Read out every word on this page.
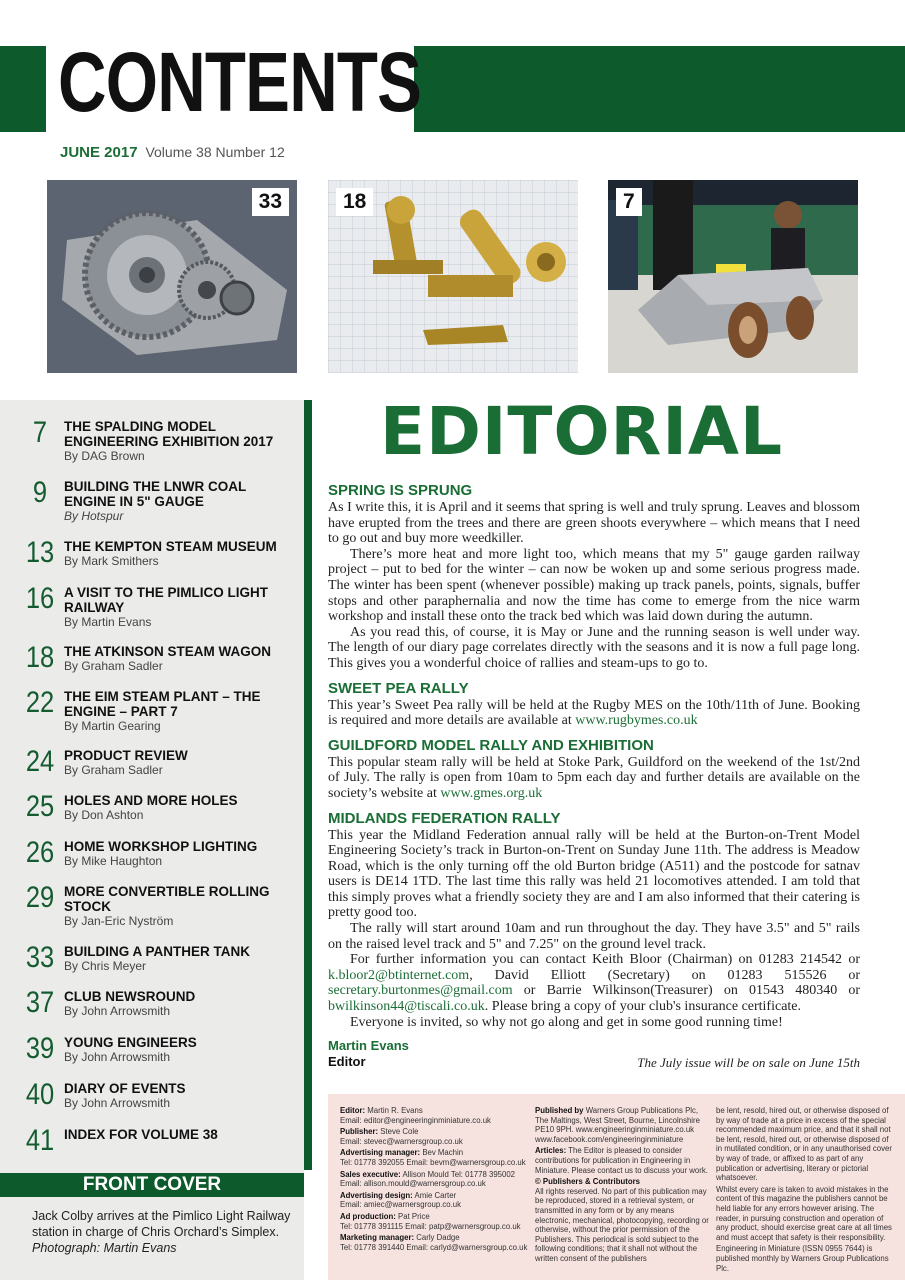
CONTENTS
JUNE 2017 Volume 38 Number 12
33	18	7
7	THE SPALDING MODEL ENGINEERING EXHIBITION 2017
By DAG Brown
9	BUILDING THE LNWR COAL ENGINE IN 5" GAUGE
By Hotspur
13 THE KEMPTON STEAM MUSEUM
By Mark Smithers
16 A VISIT TO THE PIMLICO LIGHT RAILWAY
By Martin Evans
18 THE ATKINSON STEAM WAGON
By Graham Sadler
22 THE EIM STEAM PLANT – THE ENGINE – PART 7
By Martin Gearing
24 PRODUCT REVIEW
By Graham Sadler
25 HOLES AND MORE HOLES
By Don Ashton
26 HOME WORKSHOP LIGHTING
By Mike Haughton
29 MORE CONVERTIBLE ROLLING STOCK
By Jan-Eric Nyström
33 BUILDING A PANTHER TANK
By Chris Meyer
37 CLUB NEWSROUND
By John Arrowsmith
39 YOUNG ENGINEERS
By John Arrowsmith
40 DIARY OF EVENTS
By John Arrowsmith
41 INDEX FOR VOLUME 38
FRONT COVER
Jack Colby arrives at the Pimlico Light Railway station in charge of Chris Orchard’s Simplex.
Photograph: Martin Evans
EDITORIAL
SPRING IS SPRUNG

As I write this, it is April and it seems that spring is well and truly sprung. Leaves and blossom have erupted from the trees and there are green shoots everywhere – which means that I need to go out and buy more weedkiller.

There’s more heat and more light too, which means that my 5" gauge garden railway project – put to bed for the winter – can now be woken up and some serious progress made. The winter has been spent (whenever possible) making up track panels, points, signals, buffer stops and other paraphernalia and now the time has come to emerge from the nice warm workshop and install these onto the track bed which was laid down during the autumn.

As you read this, of course, it is May or June and the running season is well under way. The length of our diary page correlates directly with the seasons and it is now a full page long. This gives you a wonderful choice of rallies and steam-ups to go to.

SWEET PEA RALLY

This year’s Sweet Pea rally will be held at the Rugby MES on the 10th/11th of June. Booking is required and more details are available at www.rugbymes.co.uk

GUILDFORD MODEL RALLY AND EXHIBITION

This popular steam rally will be held at Stoke Park, Guildford on the weekend of the 1st/2nd of July. The rally is open from 10am to 5pm each day and further details are available on the society’s website at www.gmes.org.uk

MIDLANDS FEDERATION RALLY

This year the Midland Federation annual rally will be held at the Burton-on-Trent Model Engineering Society’s track in Burton-on-Trent on Sunday June 11th. The address is Meadow Road, which is the only turning off the old Burton bridge (A511) and the postcode for satnav users is DE14 1TD. The last time this rally was held 21 locomotives attended. I am told that this simply proves what a friendly society they are and I am also informed that their catering is pretty good too.

The rally will start around 10am and run throughout the day. They have 3.5" and 5" rails on the raised level track and 5" and 7.25" on the ground level track.

For further information you can contact Keith Bloor (Chairman) on 01283 214542 or k.bloor2@btinternet.com, David Elliott (Secretary) on 01283 515526 or secretary.burtonmes@gmail.com or Barrie Wilkinson(Treasurer) on 01543 480340 or bwilkinson44@tiscali.co.uk. Please bring a copy of your club's insurance certificate.

Everyone is invited, so why not go along and get in some good running time!

Martin Evans
Editor	The July issue will be on sale on June 15th
Editor: Martin R. Evans
Email: editor@engineeringinminiature.co.uk
Publisher: Steve Cole
Email: stevec@warnersgroup.co.uk
Advertising manager: Bev Machin
Tel: 01778 392055 Email: bevm@warnersgroup.co.uk
Sales executive: Allison Mould Tel: 01778 395002
Email: allison.mould@warnersgroup.co.uk
Advertising design: Amie Carter
Email: amiec@warnersgroup.co.uk
Ad production: Pat Price
Tel: 01778 391115 Email: patp@warnersgroup.co.uk
Marketing manager: Carly Dadge
Tel: 01778 391440 Email: carlyd@warnersgroup.co.uk
Published by Warners Group Publications Plc, The Maltings, West Street, Bourne, Lincolnshire PE10 9PH. www.engineeringinminiature.co.uk www.facebook.com/engineeringinminiature
Articles: The Editor is pleased to consider contributions for publication in Engineering in Miniature. Please contact us to discuss your work.
© Publishers & Contributors
All rights reserved. No part of this publication may be reproduced, stored in a retrieval system, or transmitted in any form or by any means electronic, mechanical, photocopying, recording or otherwise, without the prior permission of the Publishers. This periodical is sold subject to the following conditions; that it shall not without the written consent of the publishers
be lent, resold, hired out, or otherwise disposed of by way of trade at a price in excess of the special recommended maximum price, and that it shall not be lent, resold, hired out, or otherwise disposed of in mutilated condition, or in any unauthorised cover by way of trade, or affixed to as part of any publication or advertising, literary or pictorial whatsoever.
Whilst every care is taken to avoid mistakes in the content of this magazine the publishers cannot be held liable for any errors however arising. The reader, in pursuing construction and operation of any product, should exercise great care at all times and must accept that safety is their responsibility.
Engineering in Miniature (ISSN 0955 7644) is published monthly by Warners Group Publications Plc.
